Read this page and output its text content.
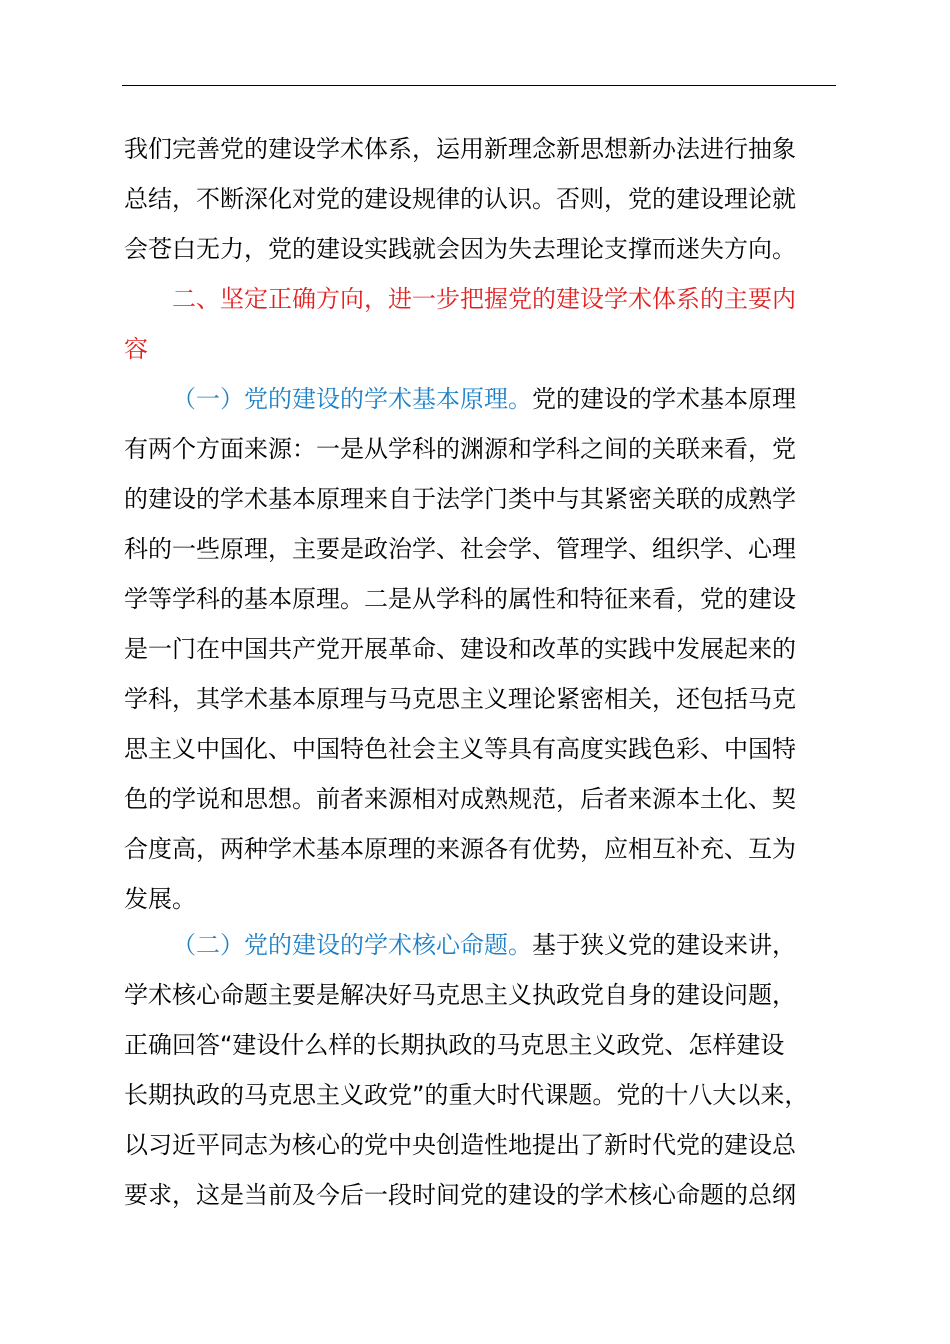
我们完善党的建设学术体系，运用新理念新思想新办法进行抽象
总结，不断深化对党的建设规律的认识。否则，党的建设理论就
会苍白无力，党的建设实践就会因为失去理论支撑而迷失方向。
二、坚定正确方向，进一步把握党的建设学术体系的主要内
容
（一）党的建设的学术基本原理。党的建设的学术基本原理
有两个方面来源：一是从学科的渊源和学科之间的关联来看，党
的建设的学术基本原理来自于法学门类中与其紧密关联的成熟学
科的一些原理，主要是政治学、社会学、管理学、组织学、心理
学等学科的基本原理。二是从学科的属性和特征来看，党的建设
是一门在中国共产党开展革命、建设和改革的实践中发展起来的
学科，其学术基本原理与马克思主义理论紧密相关，还包括马克
思主义中国化、中国特色社会主义等具有高度实践色彩、中国特
色的学说和思想。前者来源相对成熟规范，后者来源本土化、契
合度高，两种学术基本原理的来源各有优势，应相互补充、互为
发展。
（二）党的建设的学术核心命题。基于狭义党的建设来讲，
学术核心命题主要是解决好马克思主义执政党自身的建设问题，
正确回答“建设什么样的长期执政的马克思主义政党、怎样建设
长期执政的马克思主义政党”的重大时代课题。党的十八大以来，
以习近平同志为核心的党中央创造性地提出了新时代党的建设总
要求，这是当前及今后一段时间党的建设的学术核心命题的总纲
